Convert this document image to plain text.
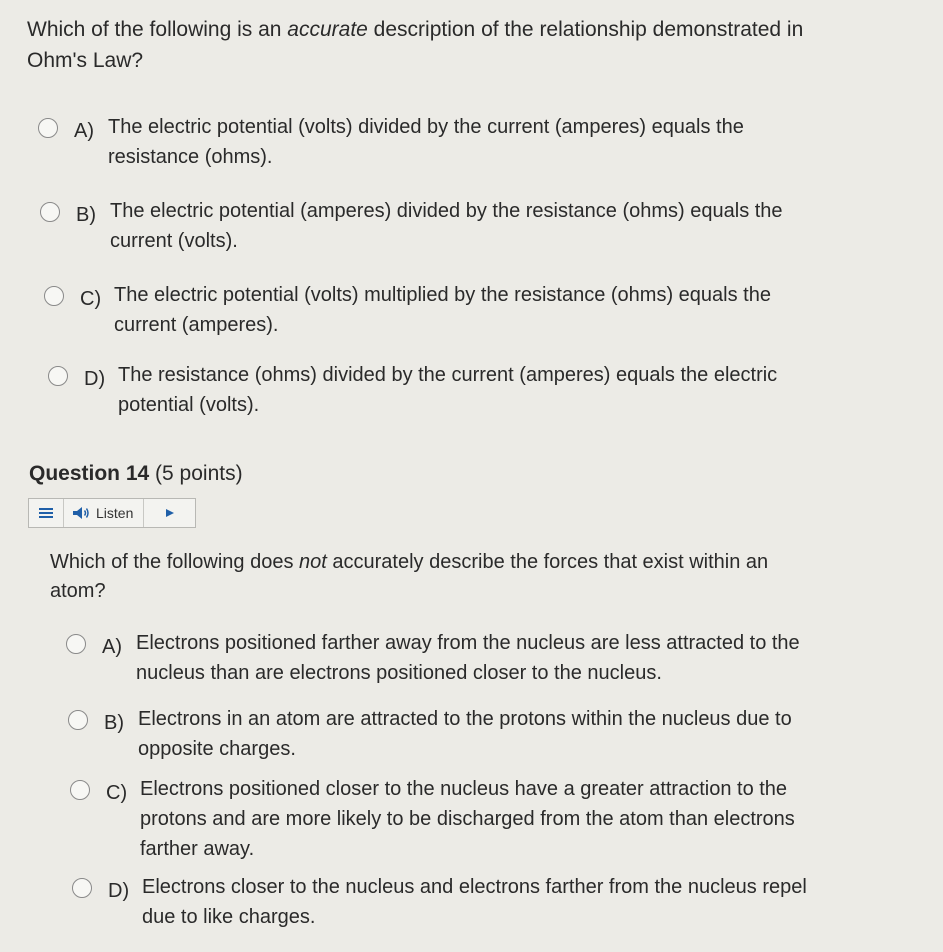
Which of the following is an accurate description of the relationship demonstrated in
Ohm's Law?
A) The electric potential (volts) divided by the current (amperes) equals the
resistance (ohms).
B) The electric potential (amperes) divided by the resistance (ohms) equals the
current (volts).
C) The electric potential (volts) multiplied by the resistance (ohms) equals the
current (amperes).
D) The resistance (ohms) divided by the current (amperes) equals the electric
potential (volts).
Question 14 (5 points)
Listen
Which of the following does not accurately describe the forces that exist within an
atom?
A) Electrons positioned farther away from the nucleus are less attracted to the
nucleus than are electrons positioned closer to the nucleus.
B) Electrons in an atom are attracted to the protons within the nucleus due to
opposite charges.
C) Electrons positioned closer to the nucleus have a greater attraction to the
protons and are more likely to be discharged from the atom than electrons
farther away.
D) Electrons closer to the nucleus and electrons farther from the nucleus repel
due to like charges.
